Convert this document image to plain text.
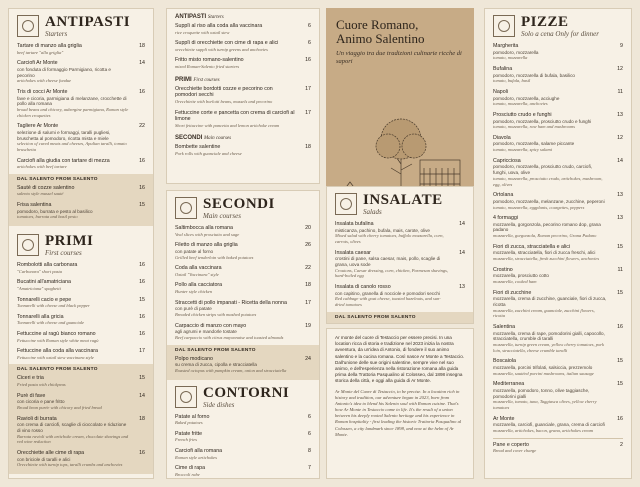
ANTIPASTI
Starters
Tartare di manzo alla griglia
beef tartare "alla griglia"
18
Carciofi Ar Monte
con fonduta di formaggio Parmigiano, ricotta e pecorino
artichokes with cheese fondue
14
Tris di cocci Ar Monte
fave e cicoria, parmigiana di melanzane, crocchette di pollo alla romana
broad beans and chicory, aubergine parmigiana, Roman style chicken croquettes
16
Tagliere Ar Monte
selezione di salumi e formaggi, taralli pugliesi, bruschetta al pomodoro, ricotta mista e miele
selection of cured meats and cheeses, Apulian taralli, tomato bruschetta
22
Carciofi alla giudia con tartare di mezza
artichokes with beef tartare
16
DAL SALENTO FROM SALENTO
Sauté di cozze salentino
salento style mussel sauté
16
Frisa salentina
pomodoro, burrata e pesto al basilico
tomatoes, burrata and basil pesto
15
PRIMI
First courses
Rombolotti alla carbonara
"Carbonara" short pasta
16
Bucatini all'amatriciana
"Amatriciana" spaghetti
16
Tonnarelli cacio e pepe
Tonnarelli with cheese and black pepper
15
Tonnarelli alla gricia
Tonnarelli with cheese and guanciale
16
Fettuccine al ragù bianco romano
Fettuccine with Roman style white meat ragù
16
Fettuccine alla coda alla vaccinara
Fettuccine with oxtail stew vaccinara style
17
DAL SALENTO FROM SALENTO
Ciceri e tria
Fried pasta with chickpeas
15
Purè di fave
con cicoria e pane fritto
Broad bean purée with chicory and fried bread
14
Ravioli di burrata
con crema di carciofi, scaglie di cioccolato e riduzione di vino rosso
Burrata ravioli with artichoke cream, chocolate shavings and red wine reduction
18
Orecchiette alle cime di rapa
con briciole di taralli e alici
Orecchiette with turnip tops, taralli crumbs and anchovies
16
ANTIPASTI Starters
Supplì al riso alla coda alla vaccinara
rice croquette with oxtail stew
6
Supplì di orecchiette con cime di rapa e alici
orecchiette suppli with turnip greens and anchovies
6
Fritto misto romano-salentino
mixed Roman-Salento fried starters
16
PRIMI First courses
Orecchiette bordotti cozze e pecorino con pomodori secchi
Orecchiette with borlotti beans, mussels and pecorino
17
Fettuccine corte e pancetta con crema di carciofi al limone
Short fettuccine with pancetta and lemon artichoke cream
17
SECONDI Main courses
Bombette salentine
Pork rolls with guanciale and cheese
18
SECONDI
Main courses
Saltimbocca alla romana
Veal slices with prosciutto and sage
20
Filetto di manzo alla griglia
con patate al forno
Grilled beef tenderloin with baked potatoes
26
Coda alla vaccinara
Oxtail "Vaccinara" style
22
Pollo alla cacciatora
Hunter style chicken
18
Straccetti di pollo impanati - Ricetta della nonna
con purè di patate
Breaded chicken strips with mashed potatoes
17
Carpaccio di manzo con mayo
agli agrumi e mandorle tostate
Beef carpaccio with citrus mayonnaise and toasted almonds
19
DAL SALENTO FROM SALENTO
Polpo modicano
su crema di zucca, cipolla e stracciatella
Roasted octopus with pumpkin cream, onion and stracciatella
24
CONTORNI
Side dishes
Patate al forno
Baked potatoes
6
Patate fritte
French fries
6
Carciofi alla romana
Roman style artichokes
8
Cime di rapa
Broccoli rabe
7
Cuore Romano,
Animo Salentino
Un viaggio tra due tradizioni culinarie ricche di sapori
INSALATE
Salads
Insalata bufalina
misticanza, pachino, bufala, mais, carote, olive
Mixed salad with cherry tomatoes, buffalo mozzarella, corn, carrots, olives
14
Insalata caesar
crostini di pane, salsa caesar, mais, pollo, scaglie di grana, uova sode
Croutons, Caesar dressing, corn, chicken, Parmesan shavings, hard-boiled egg
14
Insalata di canolo rosso
con capitino, granella di nocciole e pomodori secchi
Red cabbage with goat cheese, toasted hazelnuts, and sun-dried tomatoes
13
DAL SALENTO FROM SALENTO

Ar monte del cuore di Testaccio per essere precisi. In una location ricca di storia e tradizione nel 2023 inizia la nostra avventura, da un'idea di Antonio, di fondere il suo animo salentino e la cucina romana. Così nasce Ar Monte a Testaccio. Dall'unione delle sue origini salentine, sempre vive nel suo animo, e dell'esperienza nella ristorazione romana alla guida prima della Trattoria Pasqualino al Colosseo, dal 1898 insegna storica della città, e oggi alla guida di Ar Monte.

Ar Monte del Cuore di Testaccio, to be precise. In a location rich in history and tradition, our adventure began in 2023, born from Antonio's idea to blend his Salento soul with Roman cuisine. That's how Ar Monte in Testaccio came to life. It's the result of a union between his deeply rooted Salento heritage and his experience in Roman hospitality - first leading the historic Trattoria Pasqualino al Colosseo, a city landmark since 1898, and now at the helm of Ar Monte.

PIZZE
Solo a cena Only for dinner
Margherita
pomodoro, mozzarella
tomato, mozzarella
9
Bufalina
pomodoro, mozzarella di bufala, basilico
tomato, bufala, basil
12
Napoli
pomodoro, mozzarella, acciughe
tomato, mozzarella, anchovies
11
Prosciutto crudo e funghi
pomodoro, mozzarella, prosciutto crudo e funghi
tomato, mozzarella, raw ham and mushrooms
13
Diavola
pomodoro, mozzarella, salame piccante
tomato, mozzarella, spicy salami
12
Capricciosa
pomodoro, mozzarella, prosciutto crudo, carciofi, funghi, uova, olive
tomato, mozzarella, prosciutto crudo, artichokes, mushroom, egg, olives
14
Ortolana
pomodoro, mozzarella, melanzane, zucchine, peperoni
tomato, mozzarella, eggplants, courgettes, peppers
13
4 formaggi
mozzarella, gorgonzola, pecorino romano dop, grana padano
mozzarella, gorgonzola, Roman pecorino, Grana Padano
13
Fiori di zucca, stracciatella e alici
mozzarella, stracciatella, fiori di zucca freschi, alici
mozzarella, stracciatella, fresh zucchini flowers, anchovies
15
Crostino
mozzarella, prosciutto cotto
mozzarella, cooked ham
11
Fiori di zucchine
mozzarella, crema di zucchine, guanciale, fiori di zucca, ricotta
mozzarella, zucchini cream, guanciale, zucchini flowers, ricotta
15
Salentina
mozzarella, crema di rape, pomodorini gialli, capocollo, stracciatella, crumble di taralli
mozzarella, turnip green cream, yellow cherry tomatoes, pork loin, stracciatella, cheese crumble taralli
16
Boscaiola
mozzarella, porcini trifolati, salsiccia, prezzemolo
mozzarella, sautéed porcini mushrooms, italian sausage
15
Mediterranea
mozzarella, pomodoro, tonno, olive taggiasche, pomodorini gialli
mozzarella, tomato, tuna, Taggiasca olives, yellow cherry tomatoes
15
Ar Monte
mozzarella, carciofi, guanciale, grana, crema di carciofi
mozzarella, artichokes, bacon, grana, artichokes cream
16
Pane e coperto
Bread and cover charge
2
